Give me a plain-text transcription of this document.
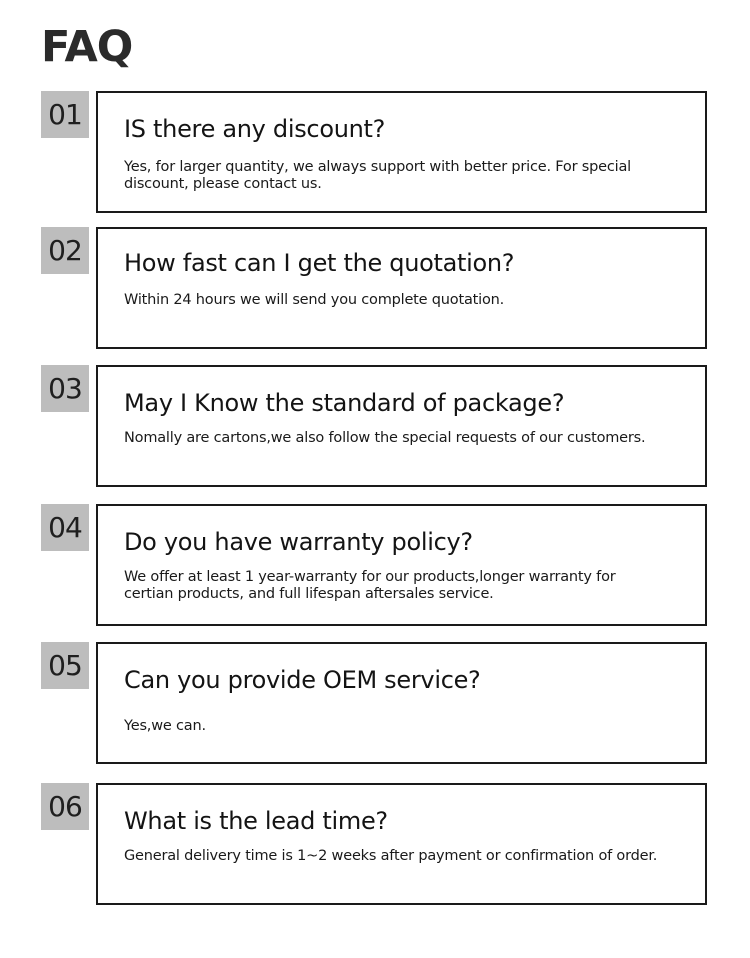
FAQ
01 IS there any discount?

Yes, for larger quantity, we always support with better price. For special discount, please contact us.

02 How fast can I get the quotation?

Within 24 hours we will send you complete quotation.

03 May I Know the standard of package?

Nomally are cartons,we also follow the special requests of our customers.

04 Do you have warranty policy?

We offer at least 1 year-warranty for our products,longer warranty for certian products, and full lifespan aftersales service.

05 Can you provide OEM service?

Yes,we can.

06 What is the lead time?

General delivery time is 1~2 weeks after payment or confirmation of order.
